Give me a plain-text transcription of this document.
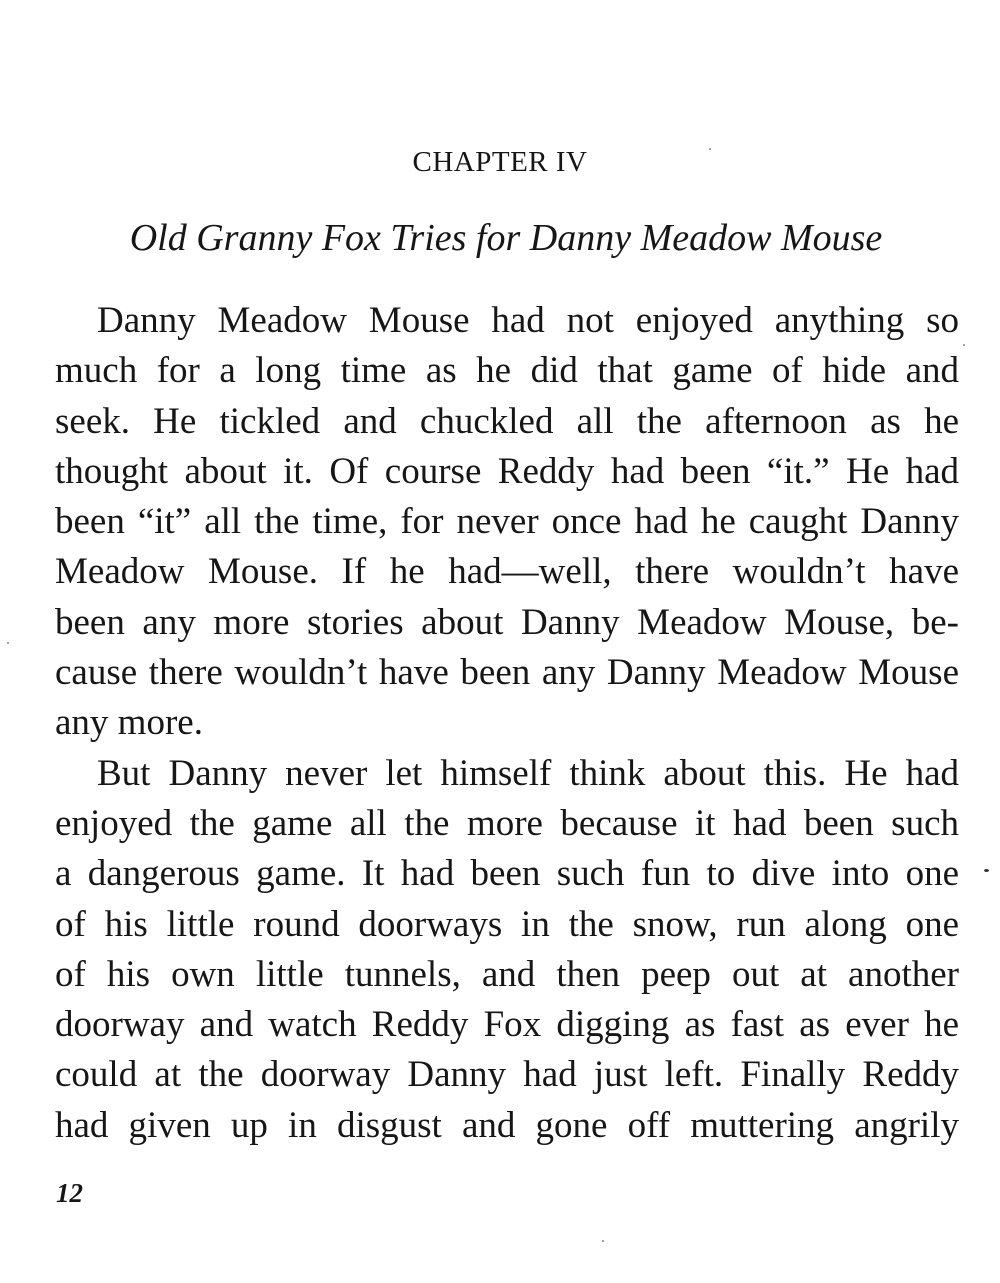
CHAPTER IV
Old Granny Fox Tries for Danny Meadow Mouse

Danny Meadow Mouse had not enjoyed anything so
much for a long time as he did that game of hide and
seek. He tickled and chuckled all the afternoon as he
thought about it. Of course Reddy had been “it.” He had
been “it” all the time, for never once had he caught Danny
Meadow Mouse. If he had—well, there wouldn’t have
been any more stories about Danny Meadow Mouse, be-
cause there wouldn’t have been any Danny Meadow Mouse
any more.

But Danny never let himself think about this. He had
enjoyed the game all the more because it had been such
a dangerous game. It had been such fun to dive into one
of his little round doorways in the snow, run along one
of his own little tunnels, and then peep out at another
doorway and watch Reddy Fox digging as fast as ever he
could at the doorway Danny had just left. Finally Reddy
had given up in disgust and gone off muttering angrily

12
